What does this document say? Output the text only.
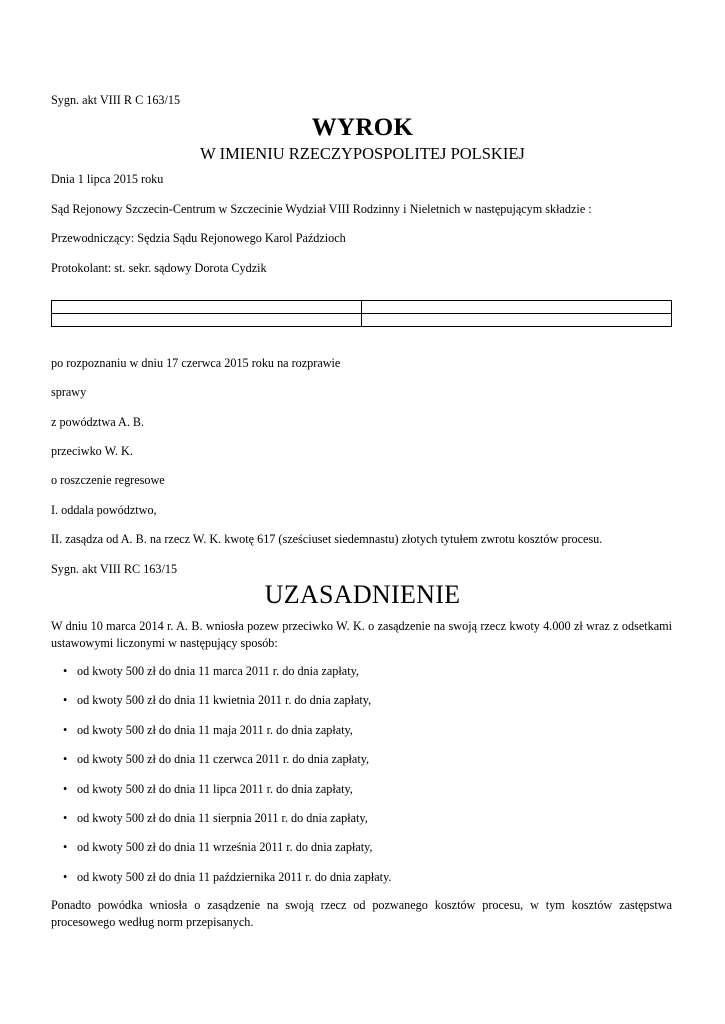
Sygn. akt VIII R C 163/15

WYROK
W IMIENIU RZECZYPOSPOLITEJ POLSKIEJ

Dnia 1 lipca 2015 roku

Sąd Rejonowy Szczecin-Centrum w Szczecinie Wydział VIII Rodzinny i Nieletnich w następującym składzie :

Przewodniczący: Sędzia Sądu Rejonowego Karol Paździoch

Protokolant: st. sekr. sądowy Dorota Cydzik

po rozpoznaniu w dniu 17 czerwca 2015 roku na rozprawie

sprawy

z powództwa A. B.

przeciwko W. K.

o roszczenie regresowe

I. oddala powództwo,

II. zasądza od A. B. na rzecz W. K. kwotę 617 (sześciuset siedemnastu) złotych tytułem zwrotu kosztów procesu.

Sygn. akt VIII RC 163/15

UZASADNIENIE

W dniu 10 marca 2014 r. A. B. wniosła pozew przeciwko W. K. o zasądzenie na swoją rzecz kwoty 4.000 zł wraz z odsetkami ustawowymi liczonymi w następujący sposób:

• od kwoty 500 zł do dnia 11 marca 2011 r. do dnia zapłaty,
• od kwoty 500 zł do dnia 11 kwietnia 2011 r. do dnia zapłaty,
• od kwoty 500 zł do dnia 11 maja 2011 r. do dnia zapłaty,
• od kwoty 500 zł do dnia 11 czerwca 2011 r. do dnia zapłaty,
• od kwoty 500 zł do dnia 11 lipca 2011 r. do dnia zapłaty,
• od kwoty 500 zł do dnia 11 sierpnia 2011 r. do dnia zapłaty,
• od kwoty 500 zł do dnia 11 września 2011 r. do dnia zapłaty,
• od kwoty 500 zł do dnia 11 października 2011 r. do dnia zapłaty.

Ponadto powódka wniosła o zasądzenie na swoją rzecz od pozwanego kosztów procesu, w tym kosztów zastępstwa procesowego według norm przepisanych.
